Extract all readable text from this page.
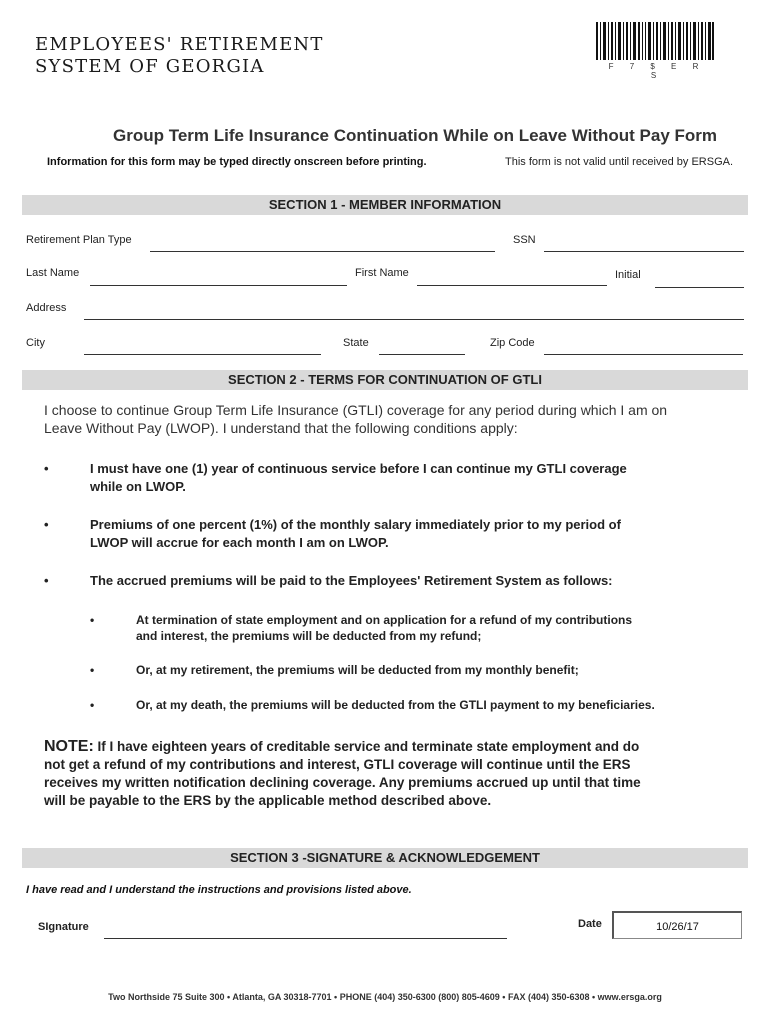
EMPLOYEES' RETIREMENT
SYSTEM OF GEORGIA	F 7 $ E R S
Group Term Life Insurance Continuation While on Leave Without Pay Form
Information for this form may be typed directly onscreen before printing.	This form is not valid until received by ERSGA.
SECTION 1 - MEMBER INFORMATION
Retirement Plan Type	SSN
Last Name	First Name	Initial
Address
City	State	Zip Code
SECTION 2 - TERMS FOR CONTINUATION OF GTLI
I choose to continue Group Term Life Insurance (GTLI) coverage for any period during which I am on
Leave Without Pay (LWOP). I understand that the following conditions apply:
•	I must have one (1) year of continuous service before I can continue my GTLI coverage
while on LWOP.
•	Premiums of one percent (1%) of the monthly salary immediately prior to my period of
LWOP will accrue for each month I am on LWOP.
•	The accrued premiums will be paid to the Employees' Retirement System as follows:
•	At termination of state employment and on application for a refund of my contributions
and interest, the premiums will be deducted from my refund;
•	Or, at my retirement, the premiums will be deducted from my monthly benefit;
•	Or, at my death, the premiums will be deducted from the GTLI payment to my beneficiaries.
NOTE: If I have eighteen years of creditable service and terminate state employment and do
not get a refund of my contributions and interest, GTLI coverage will continue until the ERS
receives my written notification declining coverage. Any premiums accrued up until that time
will be payable to the ERS by the applicable method described above.
SECTION 3 -SIGNATURE & ACKNOWLEDGEMENT
I have read and I understand the instructions and provisions listed above.
SIgnature	Date	10/26/17
Two Northside 75 Suite 300 • Atlanta, GA 30318-7701 • PHONE (404) 350-6300 (800) 805-4609 • FAX (404) 350-6308 • www.ersga.org
